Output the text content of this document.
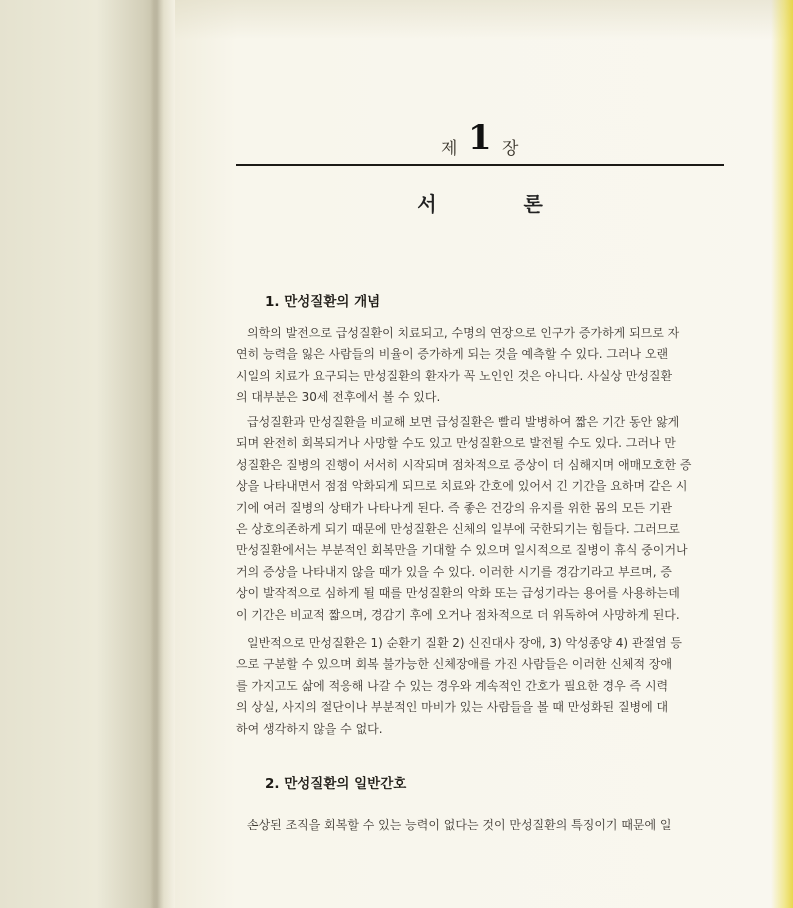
제 1 장
서 론
1. 만성질환의 개념
의학의 발전으로 급성질환이 치료되고, 수명의 연장으로 인구가 증가하게 되므로 자
연히 능력을 잃은 사람들의 비율이 증가하게 되는 것을 예측할 수 있다. 그러나 오랜
시일의 치료가 요구되는 만성질환의 환자가 꼭 노인인 것은 아니다. 사실상 만성질환
의 대부분은 30세 전후에서 볼 수 있다.
급성질환과 만성질환을 비교해 보면 급성질환은 빨리 발병하여 짧은 기간 동안 앓게
되며 완전히 회복되거나 사망할 수도 있고 만성질환으로 발전될 수도 있다. 그러나 만
성질환은 질병의 진행이 서서히 시작되며 점차적으로 증상이 더 심해지며 애매모호한 증
상을 나타내면서 점점 악화되게 되므로 치료와 간호에 있어서 긴 기간을 요하며 같은 시
기에 여러 질병의 상태가 나타나게 된다. 즉 좋은 건강의 유지를 위한 몸의 모든 기관
은 상호의존하게 되기 때문에 만성질환은 신체의 일부에 국한되기는 힘들다. 그러므로
만성질환에서는 부분적인 회복만을 기대할 수 있으며 일시적으로 질병이 휴식 중이거나
거의 증상을 나타내지 않을 때가 있을 수 있다. 이러한 시기를 경감기라고 부르며, 증
상이 발작적으로 심하게 될 때를 만성질환의 악화 또는 급성기라는 용어를 사용하는데
이 기간은 비교적 짧으며, 경감기 후에 오거나 점차적으로 더 위독하여 사망하게 된다.
일반적으로 만성질환은 1) 순환기 질환 2) 신진대사 장애, 3) 악성종양 4) 관절염 등
으로 구분할 수 있으며 회복 불가능한 신체장애를 가진 사람들은 이러한 신체적 장애
를 가지고도 삶에 적응해 나갈 수 있는 경우와 계속적인 간호가 필요한 경우 즉 시력
의 상실, 사지의 절단이나 부분적인 마비가 있는 사람들을 볼 때 만성화된 질병에 대
하여 생각하지 않을 수 없다.
2. 만성질환의 일반간호
손상된 조직을 회복할 수 있는 능력이 없다는 것이 만성질환의 특징이기 때문에 일
